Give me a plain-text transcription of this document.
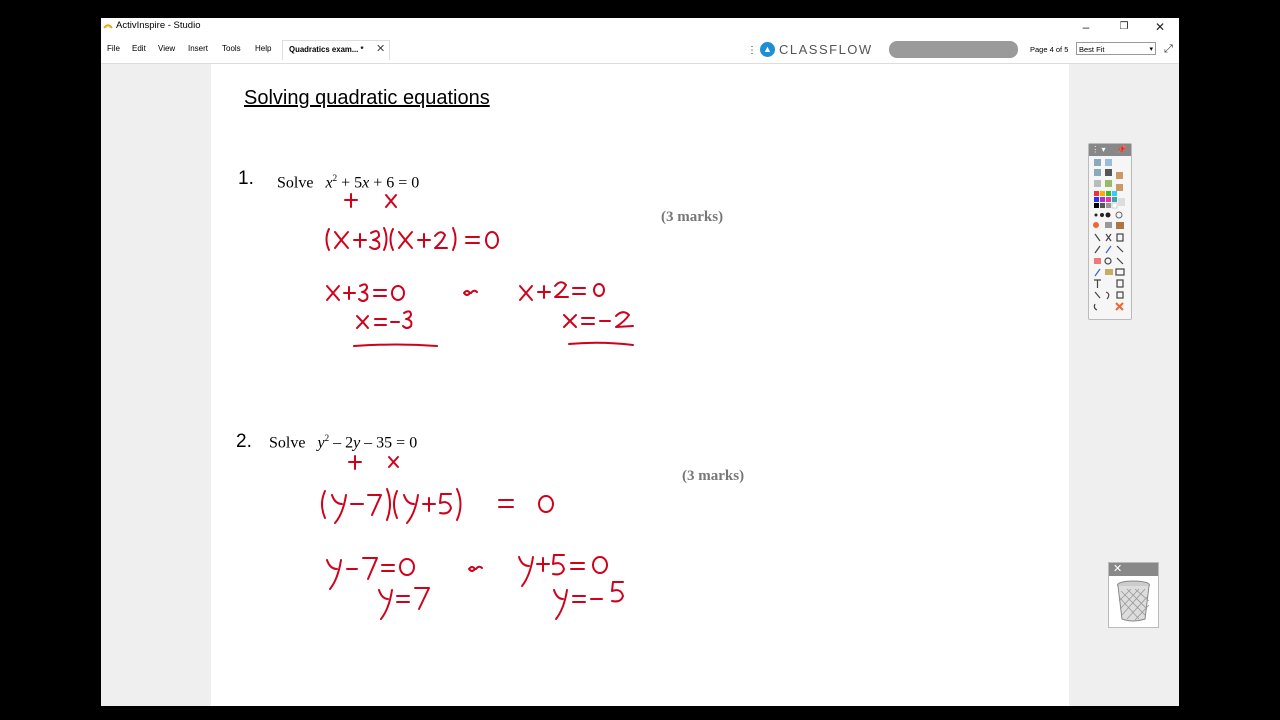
ActivInspire - Studio	–	❐	✕
File Edit View Insert Tools Help Quadratics exam... * ✕	⋮ ▲ CLASSFLOW	Page 4 of 5	Best Fit	▾ ⤢
Solving quadratic equations
1. Solve $x^2 + 5x + 6 = 0$
(3 marks)
2. Solve $y^2 - 2y - 35 = 0$
(3 marks)
⋮ ▾     📌
✕
